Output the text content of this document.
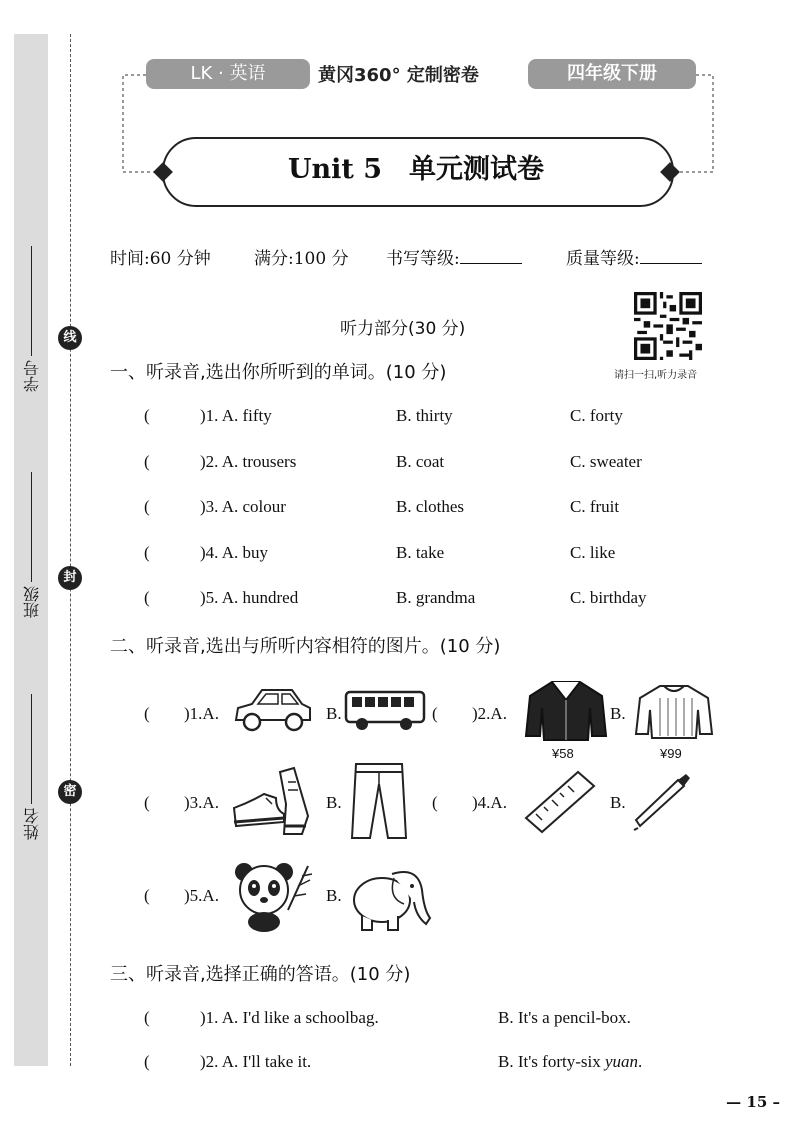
学号
班级
姓名
线
封
密
LK · 英语	黄冈360° 定制密卷	四年级下册
Unit 5　单元测试卷
时间:60 分钟	满分:100 分 书写等级:	质量等级:
听力部分(30 分)
请扫一扫,听力录音
一、听录音,选出你所听到的单词。(10 分)
(	)1. A. fifty	B. thirty	C. forty
(	)2. A. trousers	B. coat	C. sweater
(	)3. A. colour	B. clothes	C. fruit
(	)4. A. buy	B. take	C. like
(	)5. A. hundred	B. grandma	C. birthday
二、听录音,选出与所听内容相符的图片。(10 分)
( )1.A.	B.	( )2.A.
¥58
B.
¥99
( )3.A.	B.	( )4.A.	B.
( )5.A.	B.
三、听录音,选择正确的答语。(10 分)
(	)1. A. I'd like a schoolbag.	B. It's a pencil-box.
(	)2. A. I'll take it.	B. It's forty-six yuan.
— 15 –
